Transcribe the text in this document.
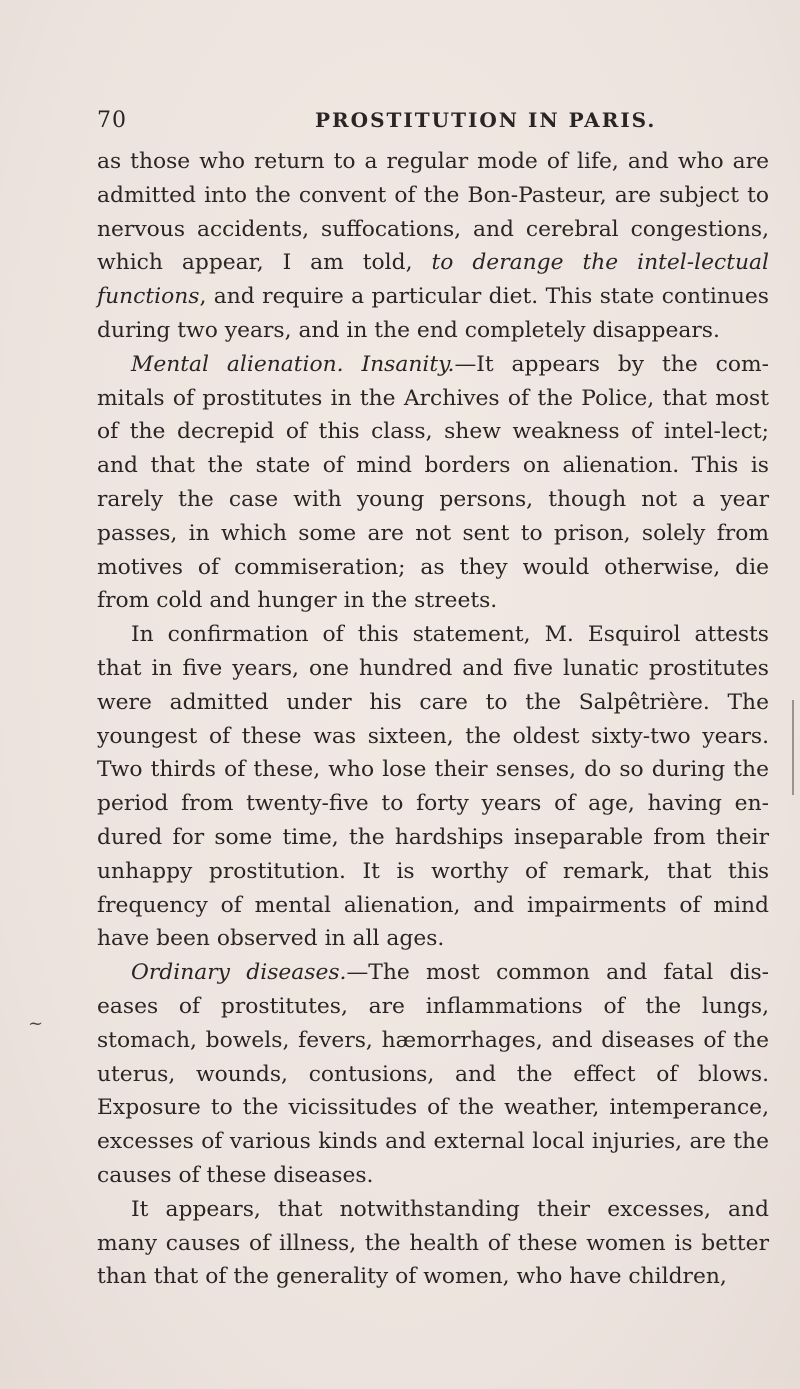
70	PROSTITUTION IN PARIS.

as those who return to a regular mode of life, and who are admitted into the convent of the Bon-Pasteur, are subject to nervous accidents, suffocations, and cerebral congestions, which appear, I am told, to derange the intel-lectual functions, and require a particular diet. This state continues during two years, and in the end completely disappears.

Mental alienation. Insanity.—It appears by the com-mitals of prostitutes in the Archives of the Police, that most of the decrepid of this class, shew weakness of intel-lect; and that the state of mind borders on alienation. This is rarely the case with young persons, though not a year passes, in which some are not sent to prison, solely from motives of commiseration; as they would otherwise, die from cold and hunger in the streets.

In confirmation of this statement, M. Esquirol attests that in five years, one hundred and five lunatic prostitutes were admitted under his care to the Salpêtrière. The youngest of these was sixteen, the oldest sixty-two years. Two thirds of these, who lose their senses, do so during the period from twenty-five to forty years of age, having en-dured for some time, the hardships inseparable from their unhappy prostitution. It is worthy of remark, that this frequency of mental alienation, and impairments of mind have been observed in all ages.

Ordinary diseases.—The most common and fatal dis-eases of prostitutes, are inflammations of the lungs, stomach, bowels, fevers, hæmorrhages, and diseases of the uterus, wounds, contusions, and the effect of blows. Exposure to the vicissitudes of the weather, intemperance, excesses of various kinds and external local injuries, are the causes of these diseases.

It appears, that notwithstanding their excesses, and many causes of illness, the health of these women is better than that of the generality of women, who have children,

~
